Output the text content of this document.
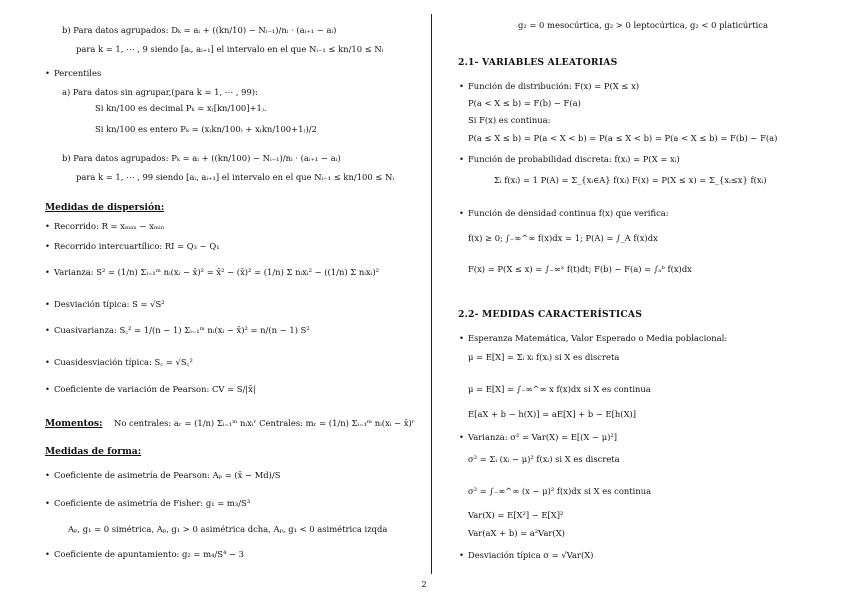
b) Para datos agrupados: Dₖ = aᵢ + ((kn/10) − Nᵢ₋₁)/nᵢ · (aᵢ₊₁ − aᵢ)
para k = 1, ⋯ , 9 siendo [aᵢ, aᵢ₊₁] el intervalo en el que Nᵢ₋₁ ≤ kn/10 ≤ Nᵢ
• Percentiles
a) Para datos sin agrupar,(para k = 1, ⋯ , 99):
Si kn/100 es decimal Pₖ = x₍[kn/100]+1₎.
Si kn/100 es entero Pₖ = (x₍kn/100₎ + x₍kn/100+1₎)/2
b) Para datos agrupados: Pₖ = aᵢ + ((kn/100) − Nᵢ₋₁)/nᵢ · (aᵢ₊₁ − aᵢ)
para k = 1, ⋯ , 99 siendo [aᵢ, aᵢ₊₁] el intervalo en el que Nᵢ₋₁ ≤ kn/100 ≤ Nᵢ
Medidas de dispersión:
• Recorrido: R = xₘₐₓ − xₘᵢₙ
• Recorrido intercuartílico: RI = Q₃ − Q₁
• Varianza: S² = (1/n) Σᵢ₌₁ᵐ nᵢ(xᵢ − x̄)² = x̄² − (x̄)² = (1/n) Σ nᵢxᵢ² − ((1/n) Σ nᵢxᵢ)²
• Desviación típica: S = √S²
• Cuasivarianza: S꜀² = 1/(n − 1) Σᵢ₌₁ᵐ nᵢ(xᵢ − x̄)² = n/(n − 1) S²
• Cuasidesviación típica: S꜀ = √S꜀²
• Coeficiente de variación de Pearson: CV = S/|x̄|
Momentos: No centrales: aᵣ = (1/n) Σᵢ₌₁ᵐ nᵢxᵢʳ Centrales: mᵣ = (1/n) Σᵢ₌₁ᵐ nᵢ(xᵢ − x̄)ʳ
Medidas de forma:
• Coeficiente de asimetría de Pearson: Aₚ = (x̄ − Md)/S
• Coeficiente de asimetría de Fisher: g₁ = m₃/S³
Aₚ, g₁ = 0 simétrica, Aₚ, g₁ > 0 asimétrica dcha, Aₚ, g₁ < 0 asimétrica izqda
• Coeficiente de apuntamiento: g₂ = m₄/S⁴ − 3
g₂ = 0 mesocúrtica, g₂ > 0 leptocúrtica, g₂ < 0 platicúrtica
2.1- VARIABLES ALEATORIAS
• Función de distribución: F(x) = P(X ≤ x)
P(a < X ≤ b) = F(b) − F(a)
Si F(x) es continua:
P(a ≤ X ≤ b) = P(a < X < b) = P(a ≤ X < b) = P(a < X ≤ b) = F(b) − F(a)
• Función de probabilidad discreta: f(xᵢ) = P(X = xᵢ)
Σᵢ f(xᵢ) = 1 P(A) = Σ_{xᵢ∈A} f(xᵢ) F(x) = P(X ≤ x) = Σ_{xᵢ≤x} f(xᵢ)
• Función de densidad continua f(x) que verifica:
f(x) ≥ 0; ∫₋∞^∞ f(x)dx = 1; P(A) = ∫_A f(x)dx
F(x) = P(X ≤ x) = ∫₋∞ˣ f(t)dt; F(b) − F(a) = ∫ₐᵇ f(x)dx
2.2- MEDIDAS CARACTERÍSTICAS
• Esperanza Matemática, Valor Esperado o Media poblacional:
μ = E[X] = Σᵢ xᵢ f(xᵢ) si X es discreta
μ = E[X] = ∫₋∞^∞ x f(x)dx si X es continua
E[aX + b − h(X)] = aE[X] + b − E[h(X)]
• Varianza: σ² = Var(X) = E[(X − μ)²]
σ² = Σᵢ (xᵢ − μ)² f(xᵢ) si X es discreta
σ² = ∫₋∞^∞ (x − μ)² f(x)dx si X es continua
Var(X) = E[X²] − E[X]²
Var(aX + b) = a²Var(X)
• Desviación típica σ = √Var(X)
2
